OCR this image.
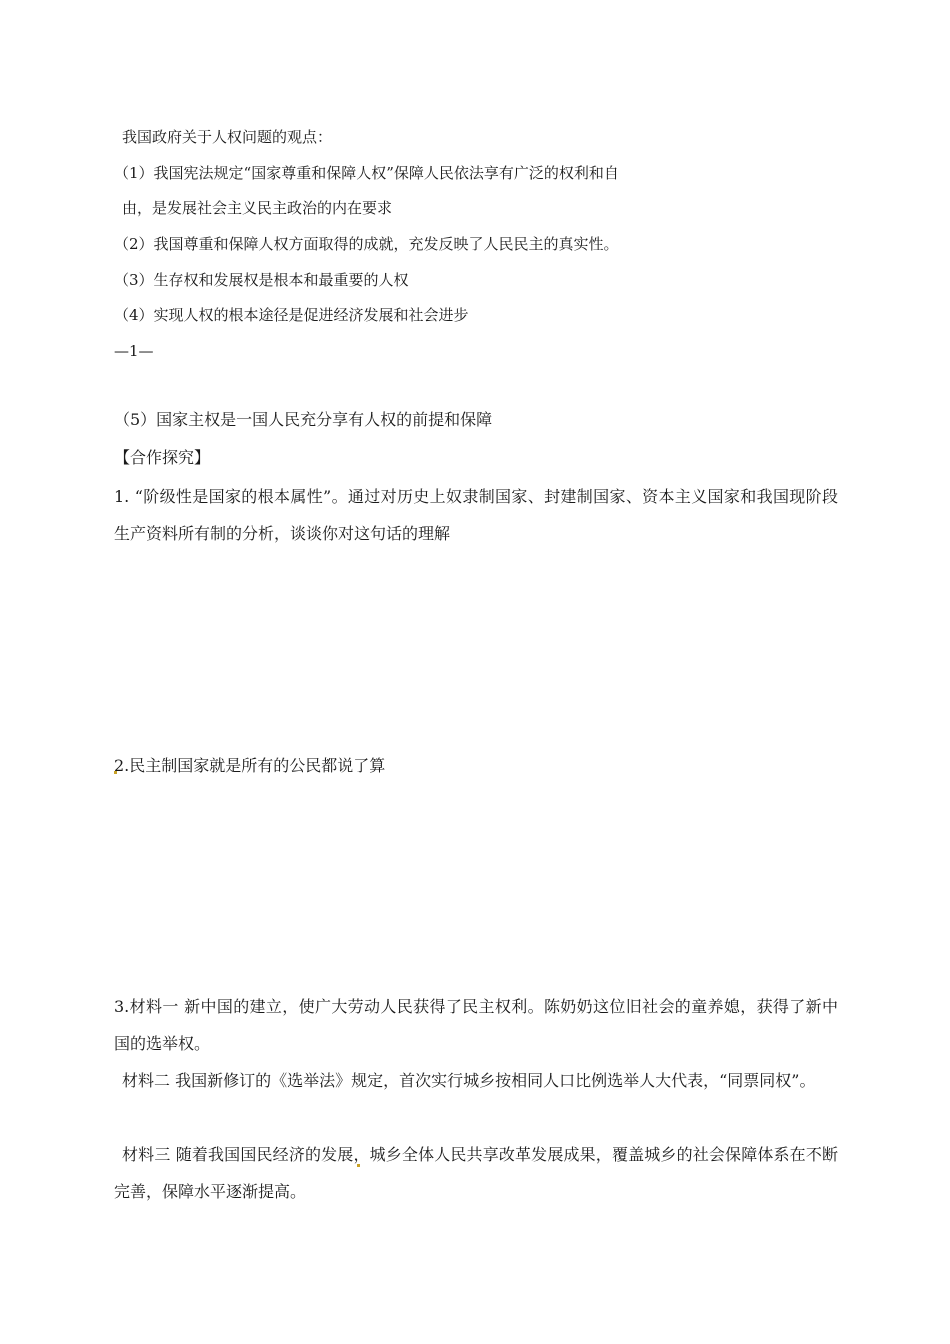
我国政府关于人权问题的观点：
（1）我国宪法规定“国家尊重和保障人权”保障人民依法享有广泛的权利和自
由，是发展社会主义民主政治的内在要求
（2）我国尊重和保障人权方面取得的成就，充发反映了人民民主的真实性。
（3）生存权和发展权是根本和最重要的人权
（4）实现人权的根本途径是促进经济发展和社会进步
—1—
（5）国家主权是一国人民充分享有人权的前提和保障
【合作探究】
1. “阶级性是国家的根本属性”。通过对历史上奴隶制国家、封建制国家、资本主义国家和我国现阶段生产资料所有制的分析，谈谈你对这句话的理解
2.民主制国家就是所有的公民都说了算
3.材料一 新中国的建立，使广大劳动人民获得了民主权利。陈奶奶这位旧社会的童养媳，获得了新中国的选举权。
材料二 我国新修订的《选举法》规定，首次实行城乡按相同人口比例选举人大代表，“同票同权”。
材料三 随着我国国民经济的发展，城乡全体人民共享改革发展成果，覆盖城乡的社会保障体系在不断完善，保障水平逐渐提高。
